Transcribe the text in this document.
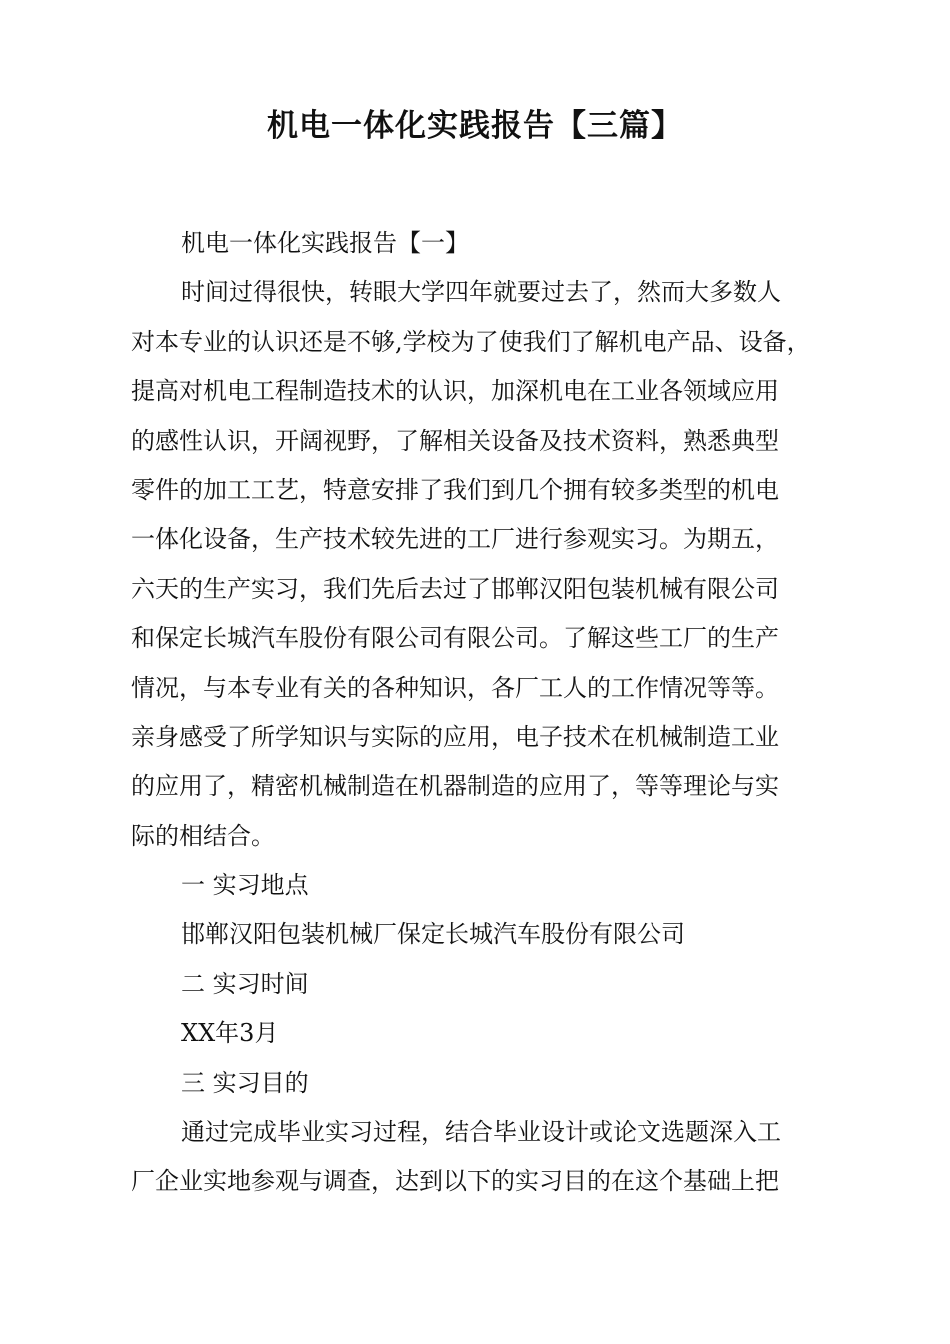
机电一体化实践报告【三篇】
机电一体化实践报告【一】
时间过得很快，转眼大学四年就要过去了，然而大多数人
对本专业的认识还是不够,学校为了使我们了解机电产品、设备，
提高对机电工程制造技术的认识，加深机电在工业各领域应用
的感性认识，开阔视野，了解相关设备及技术资料，熟悉典型
零件的加工工艺，特意安排了我们到几个拥有较多类型的机电
一体化设备，生产技术较先进的工厂进行参观实习。为期五，
六天的生产实习，我们先后去过了邯郸汉阳包装机械有限公司
和保定长城汽车股份有限公司有限公司。了解这些工厂的生产
情况，与本专业有关的各种知识，各厂工人的工作情况等等。
亲身感受了所学知识与实际的应用，电子技术在机械制造工业
的应用了，精密机械制造在机器制造的应用了，等等理论与实
际的相结合。
一 实习地点
邯郸汉阳包装机械厂保定长城汽车股份有限公司
二 实习时间
XX年3月
三 实习目的
通过完成毕业实习过程，结合毕业设计或论文选题深入工
厂企业实地参观与调查，达到以下的实习目的在这个基础上把
